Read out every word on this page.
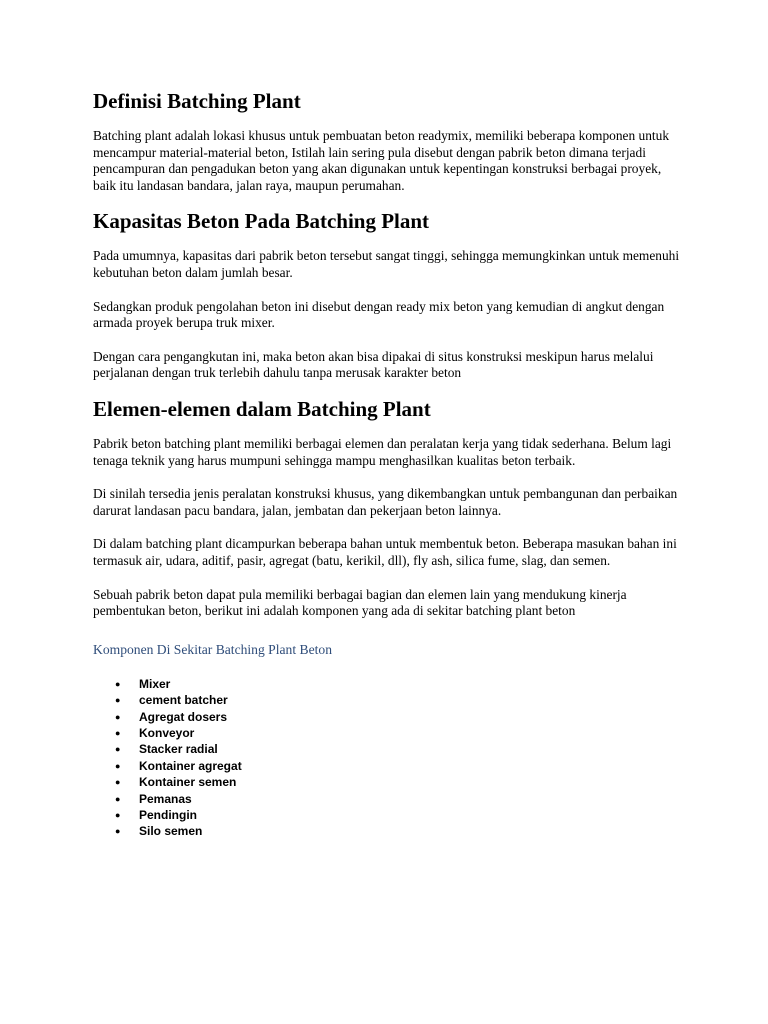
Definisi Batching Plant

Batching plant adalah lokasi khusus untuk pembuatan beton readymix, memiliki beberapa komponen untuk mencampur material-material beton, Istilah lain sering pula disebut dengan pabrik beton dimana terjadi pencampuran dan pengadukan beton yang akan digunakan untuk kepentingan konstruksi berbagai proyek, baik itu landasan bandara, jalan raya, maupun perumahan.

Kapasitas Beton Pada Batching Plant

Pada umumnya, kapasitas dari pabrik beton tersebut sangat tinggi, sehingga memungkinkan untuk memenuhi kebutuhan beton dalam jumlah besar.

Sedangkan produk pengolahan beton ini disebut dengan ready mix beton yang kemudian di angkut dengan armada proyek berupa truk mixer.

Dengan cara pengangkutan ini, maka beton akan bisa dipakai di situs konstruksi meskipun harus melalui perjalanan dengan truk terlebih dahulu tanpa merusak karakter beton

Elemen-elemen dalam Batching Plant

Pabrik beton batching plant memiliki berbagai elemen dan peralatan kerja yang tidak sederhana. Belum lagi tenaga teknik yang harus mumpuni sehingga mampu menghasilkan kualitas beton terbaik.

Di sinilah tersedia jenis peralatan konstruksi khusus, yang dikembangkan untuk pembangunan dan perbaikan darurat landasan pacu bandara, jalan, jembatan dan pekerjaan beton lainnya.

Di dalam batching plant dicampurkan beberapa bahan untuk membentuk beton. Beberapa masukan bahan ini termasuk air, udara, aditif, pasir, agregat (batu, kerikil, dll), fly ash, silica fume, slag, dan semen.

Sebuah pabrik beton dapat pula memiliki berbagai bagian dan elemen lain yang mendukung kinerja pembentukan beton, berikut ini adalah komponen yang ada di sekitar batching plant beton

Komponen Di Sekitar Batching Plant Beton
● Mixer
● cement batcher
● Agregat dosers
● Konveyor
● Stacker radial
● Kontainer agregat
● Kontainer semen
● Pemanas
● Pendingin
● Silo semen
